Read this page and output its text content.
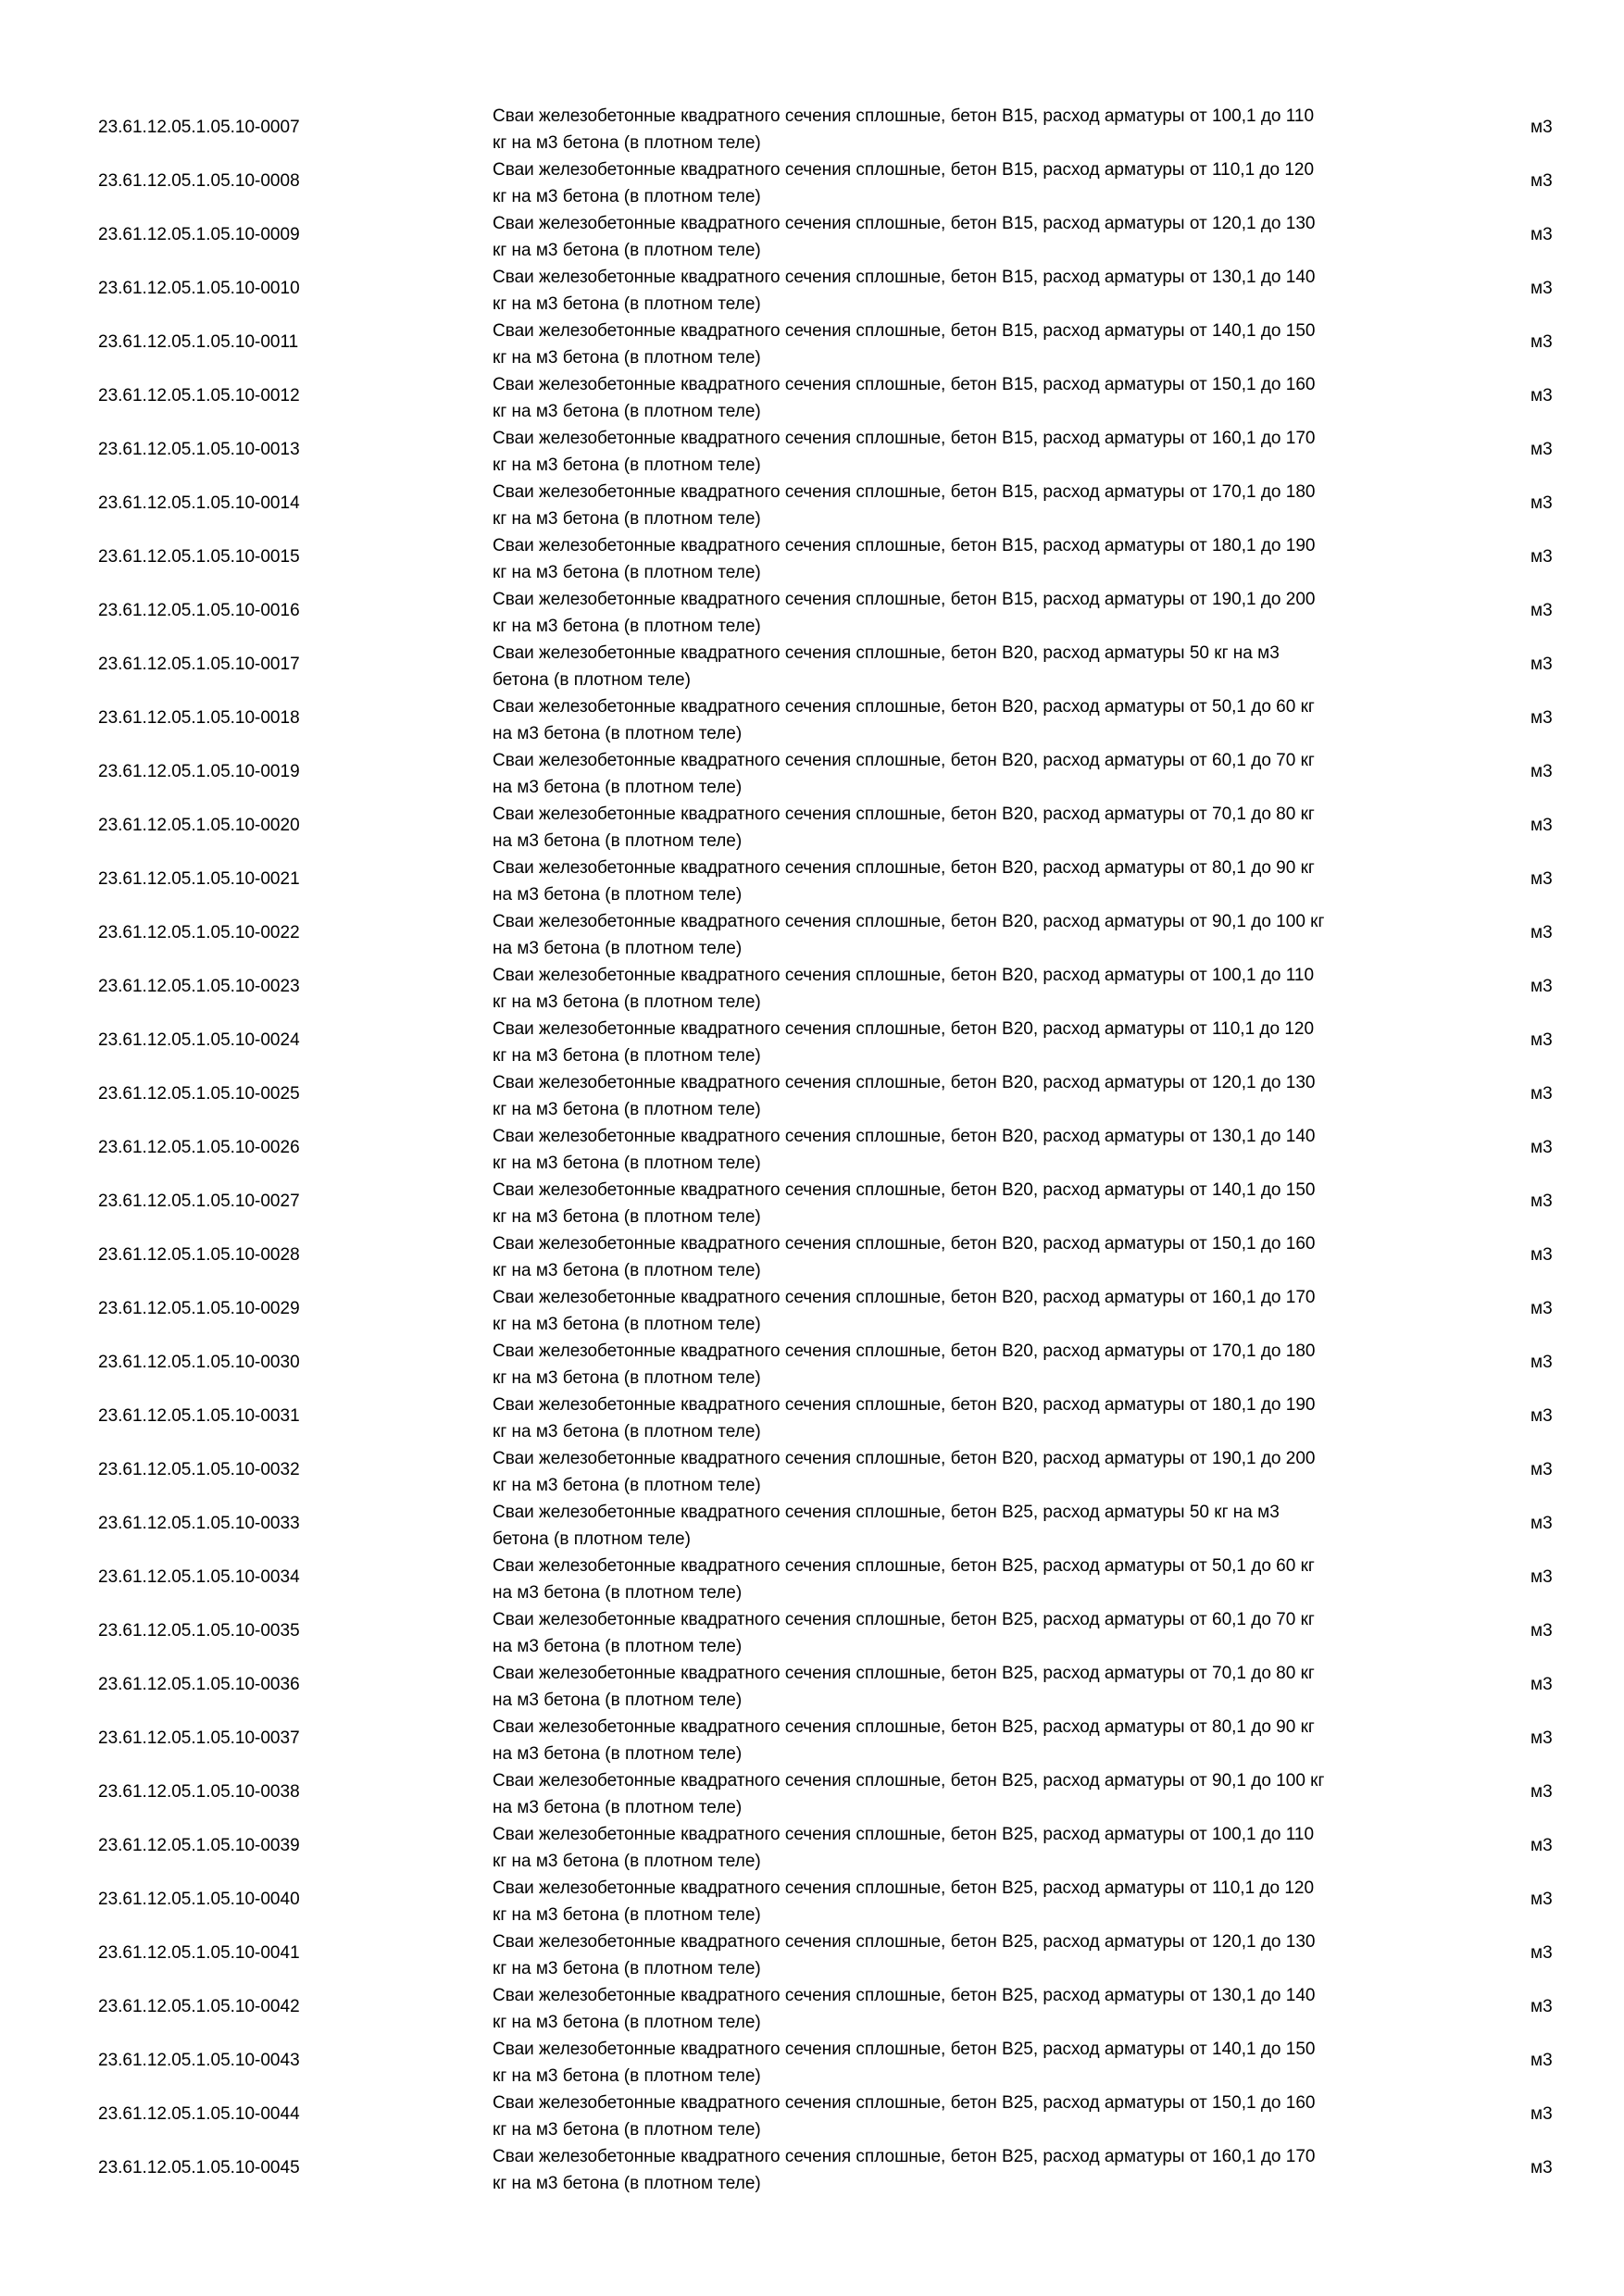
23.61.12.05.1.05.10-0007
Сваи железобетонные квадратного сечения сплошные, бетон B15, расход арматуры от 100,1 до 110
кг на м3 бетона (в плотном теле)
м3
23.61.12.05.1.05.10-0008
Сваи железобетонные квадратного сечения сплошные, бетон B15, расход арматуры от 110,1 до 120
кг на м3 бетона (в плотном теле)
м3
23.61.12.05.1.05.10-0009
Сваи железобетонные квадратного сечения сплошные, бетон B15, расход арматуры от 120,1 до 130
кг на м3 бетона (в плотном теле)
м3
23.61.12.05.1.05.10-0010
Сваи железобетонные квадратного сечения сплошные, бетон B15, расход арматуры от 130,1 до 140
кг на м3 бетона (в плотном теле)
м3
23.61.12.05.1.05.10-0011
Сваи железобетонные квадратного сечения сплошные, бетон B15, расход арматуры от 140,1 до 150
кг на м3 бетона (в плотном теле)
м3
23.61.12.05.1.05.10-0012
Сваи железобетонные квадратного сечения сплошные, бетон B15, расход арматуры от 150,1 до 160
кг на м3 бетона (в плотном теле)
м3
23.61.12.05.1.05.10-0013
Сваи железобетонные квадратного сечения сплошные, бетон B15, расход арматуры от 160,1 до 170
кг на м3 бетона (в плотном теле)
м3
23.61.12.05.1.05.10-0014
Сваи железобетонные квадратного сечения сплошные, бетон B15, расход арматуры от 170,1 до 180
кг на м3 бетона (в плотном теле)
м3
23.61.12.05.1.05.10-0015
Сваи железобетонные квадратного сечения сплошные, бетон B15, расход арматуры от 180,1 до 190
кг на м3 бетона (в плотном теле)
м3
23.61.12.05.1.05.10-0016
Сваи железобетонные квадратного сечения сплошные, бетон B15, расход арматуры от 190,1 до 200
кг на м3 бетона (в плотном теле)
м3
23.61.12.05.1.05.10-0017
Сваи железобетонные квадратного сечения сплошные, бетон B20, расход арматуры 50 кг на м3
бетона (в плотном теле)
м3
23.61.12.05.1.05.10-0018
Сваи железобетонные квадратного сечения сплошные, бетон B20, расход арматуры от 50,1 до 60 кг
на м3 бетона (в плотном теле)
м3
23.61.12.05.1.05.10-0019
Сваи железобетонные квадратного сечения сплошные, бетон B20, расход арматуры от 60,1 до 70 кг
на м3 бетона (в плотном теле)
м3
23.61.12.05.1.05.10-0020
Сваи железобетонные квадратного сечения сплошные, бетон B20, расход арматуры от 70,1 до 80 кг
на м3 бетона (в плотном теле)
м3
23.61.12.05.1.05.10-0021
Сваи железобетонные квадратного сечения сплошные, бетон B20, расход арматуры от 80,1 до 90 кг
на м3 бетона (в плотном теле)
м3
23.61.12.05.1.05.10-0022
Сваи железобетонные квадратного сечения сплошные, бетон B20, расход арматуры от 90,1 до 100 кг
на м3 бетона (в плотном теле)
м3
23.61.12.05.1.05.10-0023
Сваи железобетонные квадратного сечения сплошные, бетон B20, расход арматуры от 100,1 до 110
кг на м3 бетона (в плотном теле)
м3
23.61.12.05.1.05.10-0024
Сваи железобетонные квадратного сечения сплошные, бетон B20, расход арматуры от 110,1 до 120
кг на м3 бетона (в плотном теле)
м3
23.61.12.05.1.05.10-0025
Сваи железобетонные квадратного сечения сплошные, бетон B20, расход арматуры от 120,1 до 130
кг на м3 бетона (в плотном теле)
м3
23.61.12.05.1.05.10-0026
Сваи железобетонные квадратного сечения сплошные, бетон B20, расход арматуры от 130,1 до 140
кг на м3 бетона (в плотном теле)
м3
23.61.12.05.1.05.10-0027
Сваи железобетонные квадратного сечения сплошные, бетон B20, расход арматуры от 140,1 до 150
кг на м3 бетона (в плотном теле)
м3
23.61.12.05.1.05.10-0028
Сваи железобетонные квадратного сечения сплошные, бетон B20, расход арматуры от 150,1 до 160
кг на м3 бетона (в плотном теле)
м3
23.61.12.05.1.05.10-0029
Сваи железобетонные квадратного сечения сплошные, бетон B20, расход арматуры от 160,1 до 170
кг на м3 бетона (в плотном теле)
м3
23.61.12.05.1.05.10-0030
Сваи железобетонные квадратного сечения сплошные, бетон B20, расход арматуры от 170,1 до 180
кг на м3 бетона (в плотном теле)
м3
23.61.12.05.1.05.10-0031
Сваи железобетонные квадратного сечения сплошные, бетон B20, расход арматуры от 180,1 до 190
кг на м3 бетона (в плотном теле)
м3
23.61.12.05.1.05.10-0032
Сваи железобетонные квадратного сечения сплошные, бетон B20, расход арматуры от 190,1 до 200
кг на м3 бетона (в плотном теле)
м3
23.61.12.05.1.05.10-0033
Сваи железобетонные квадратного сечения сплошные, бетон B25, расход арматуры 50 кг на м3
бетона (в плотном теле)
м3
23.61.12.05.1.05.10-0034
Сваи железобетонные квадратного сечения сплошные, бетон B25, расход арматуры от 50,1 до 60 кг
на м3 бетона (в плотном теле)
м3
23.61.12.05.1.05.10-0035
Сваи железобетонные квадратного сечения сплошные, бетон B25, расход арматуры от 60,1 до 70 кг
на м3 бетона (в плотном теле)
м3
23.61.12.05.1.05.10-0036
Сваи железобетонные квадратного сечения сплошные, бетон B25, расход арматуры от 70,1 до 80 кг
на м3 бетона (в плотном теле)
м3
23.61.12.05.1.05.10-0037
Сваи железобетонные квадратного сечения сплошные, бетон B25, расход арматуры от 80,1 до 90 кг
на м3 бетона (в плотном теле)
м3
23.61.12.05.1.05.10-0038
Сваи железобетонные квадратного сечения сплошные, бетон B25, расход арматуры от 90,1 до 100 кг
на м3 бетона (в плотном теле)
м3
23.61.12.05.1.05.10-0039
Сваи железобетонные квадратного сечения сплошные, бетон B25, расход арматуры от 100,1 до 110
кг на м3 бетона (в плотном теле)
м3
23.61.12.05.1.05.10-0040
Сваи железобетонные квадратного сечения сплошные, бетон B25, расход арматуры от 110,1 до 120
кг на м3 бетона (в плотном теле)
м3
23.61.12.05.1.05.10-0041
Сваи железобетонные квадратного сечения сплошные, бетон B25, расход арматуры от 120,1 до 130
кг на м3 бетона (в плотном теле)
м3
23.61.12.05.1.05.10-0042
Сваи железобетонные квадратного сечения сплошные, бетон B25, расход арматуры от 130,1 до 140
кг на м3 бетона (в плотном теле)
м3
23.61.12.05.1.05.10-0043
Сваи железобетонные квадратного сечения сплошные, бетон B25, расход арматуры от 140,1 до 150
кг на м3 бетона (в плотном теле)
м3
23.61.12.05.1.05.10-0044
Сваи железобетонные квадратного сечения сплошные, бетон B25, расход арматуры от 150,1 до 160
кг на м3 бетона (в плотном теле)
м3
23.61.12.05.1.05.10-0045
Сваи железобетонные квадратного сечения сплошные, бетон B25, расход арматуры от 160,1 до 170
кг на м3 бетона (в плотном теле)
м3
